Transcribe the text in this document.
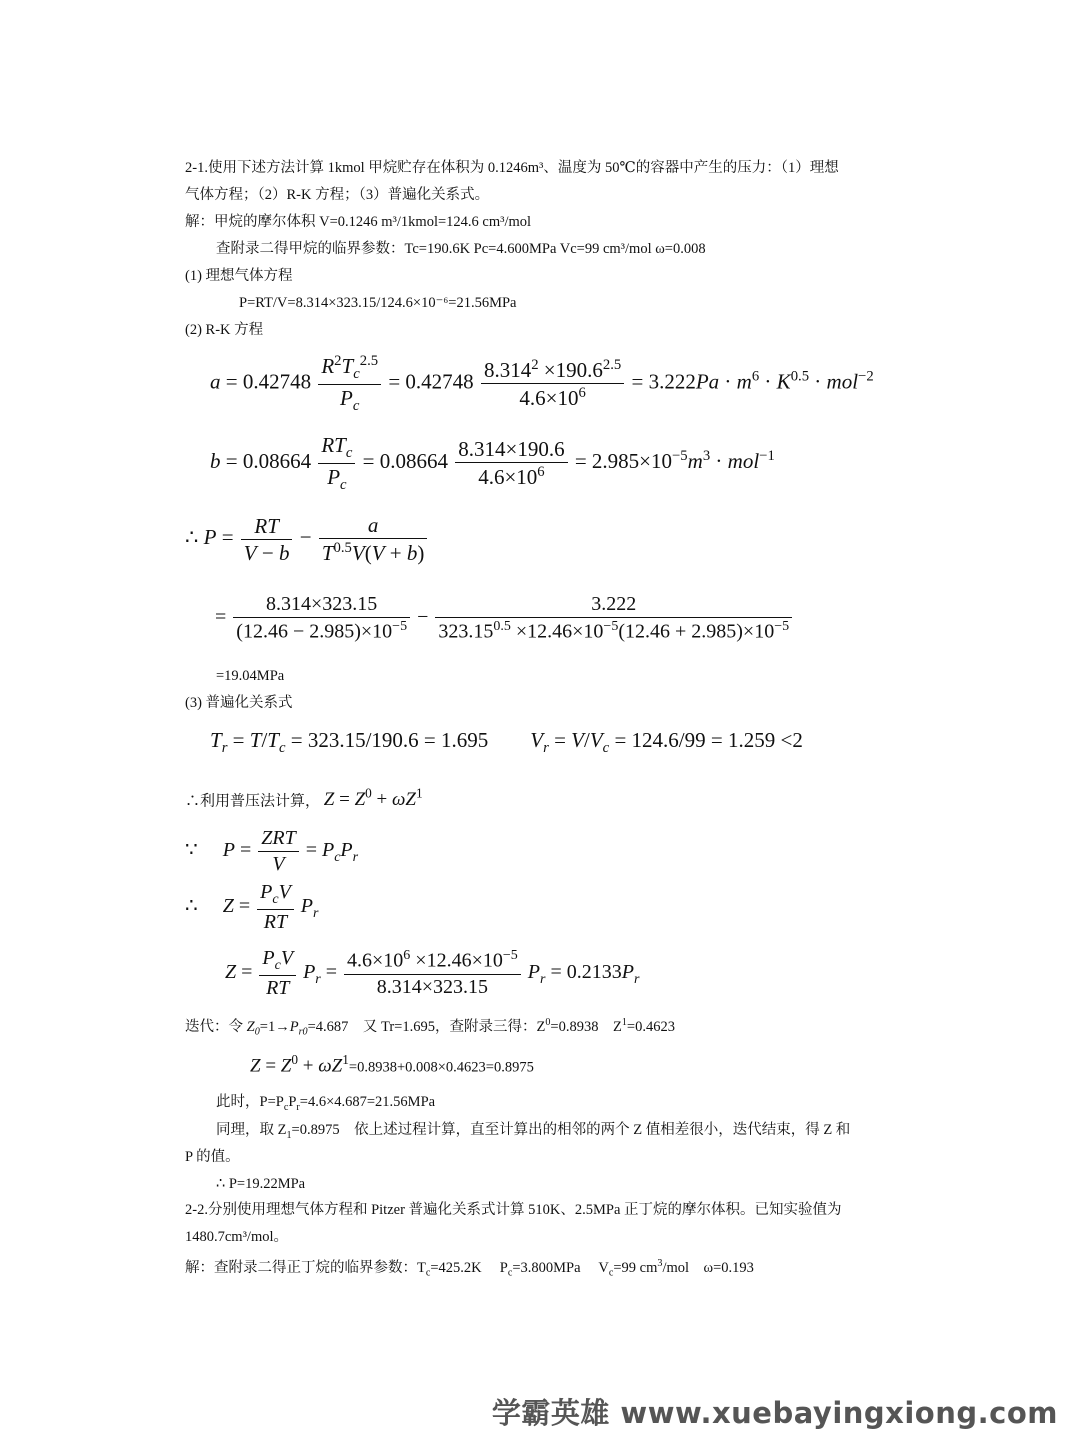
2-1.使用下述方法计算 1kmol 甲烷贮存在体积为 0.1246m³、温度为 50℃的容器中产生的压力：（1）理想
气体方程；（2）R-K 方程；（3）普遍化关系式。
解：甲烷的摩尔体积 V=0.1246 m³/1kmol=124.6 cm³/mol
查附录二得甲烷的临界参数：Tc=190.6K Pc=4.600MPa Vc=99 cm³/mol ω=0.008
(1) 理想气体方程
P=RT/V=8.314×323.15/124.6×10⁻⁶=21.56MPa
(2) R-K 方程
$a = 0.42748 \frac{R^2T_c^{2.5}}{P_c} = 0.42748 \frac{8.314^2 \times 190.6^{2.5}}{4.6\times 10^6} = 3.222Pa \cdot m^6 \cdot K^{0.5} \cdot mol^{-2}$
$b = 0.08664 \frac{RT_c}{P_c} = 0.08664 \frac{8.314\times 190.6}{4.6\times 10^6} = 2.985\times 10^{-5}m^3 \cdot mol^{-1}$
∴ $P = \frac{RT}{V - b} - \frac{a}{T^{0.5}V(V + b)}$
= $\frac{8.314\times 323.15}{(12.46 - 2.985)\times 10^{-5}} - \frac{3.222}{323.15^{0.5} \times 12.46\times 10^{-5}(12.46 + 2.985)\times 10^{-5}}$
=19.04MPa
(3) 普遍化关系式
$T_r = T/T_c = 323.15/190.6 = 1.695$        $V_r = V/V_c = 124.6/99 = 1.259 <2$
∴利用普压法计算， $Z = Z^0 + \omega Z^1$
∵     $P = \frac{\text{ZRT}}{V} = P_cP_r$
∴     $Z = \frac{P_cV}{RT} P_r$
$Z = \frac{P_cV}{RT} P_r = \frac{4.6\times 10^6 \times 12.46\times 10^{-5}}{8.314\times 323.15} P_r = 0.2133P_r$
迭代：令 $Z_0=1\to P_{r0}=4.687$    又 Tr=1.695，查附录三得：$Z^0=0.8938$    $Z^1=0.4623$
$Z = Z^0 + \omega Z^1=0.8938+0.008\times 0.4623=0.8975$
此时，$P=P_cP_r=4.6\times 4.687=21.56MPa$
同理，取 $Z_1=0.8975$    依上述过程计算，直至计算出的相邻的两个 Z 值相差很小，迭代结束，得 Z 和
P 的值。
∴ P=19.22MPa
2-2.分别使用理想气体方程和 Pitzer 普遍化关系式计算 510K、2.5MPa 正丁烷的摩尔体积。已知实验值为
1480.7cm³/mol。
解：查附录二得正丁烷的临界参数：$T_c=425.2K$     $P_c=3.800MPa$     $V_c=99$ $cm^3$/mol    ω=0.193
学霸英雄 www.xuebayingxiong.com
